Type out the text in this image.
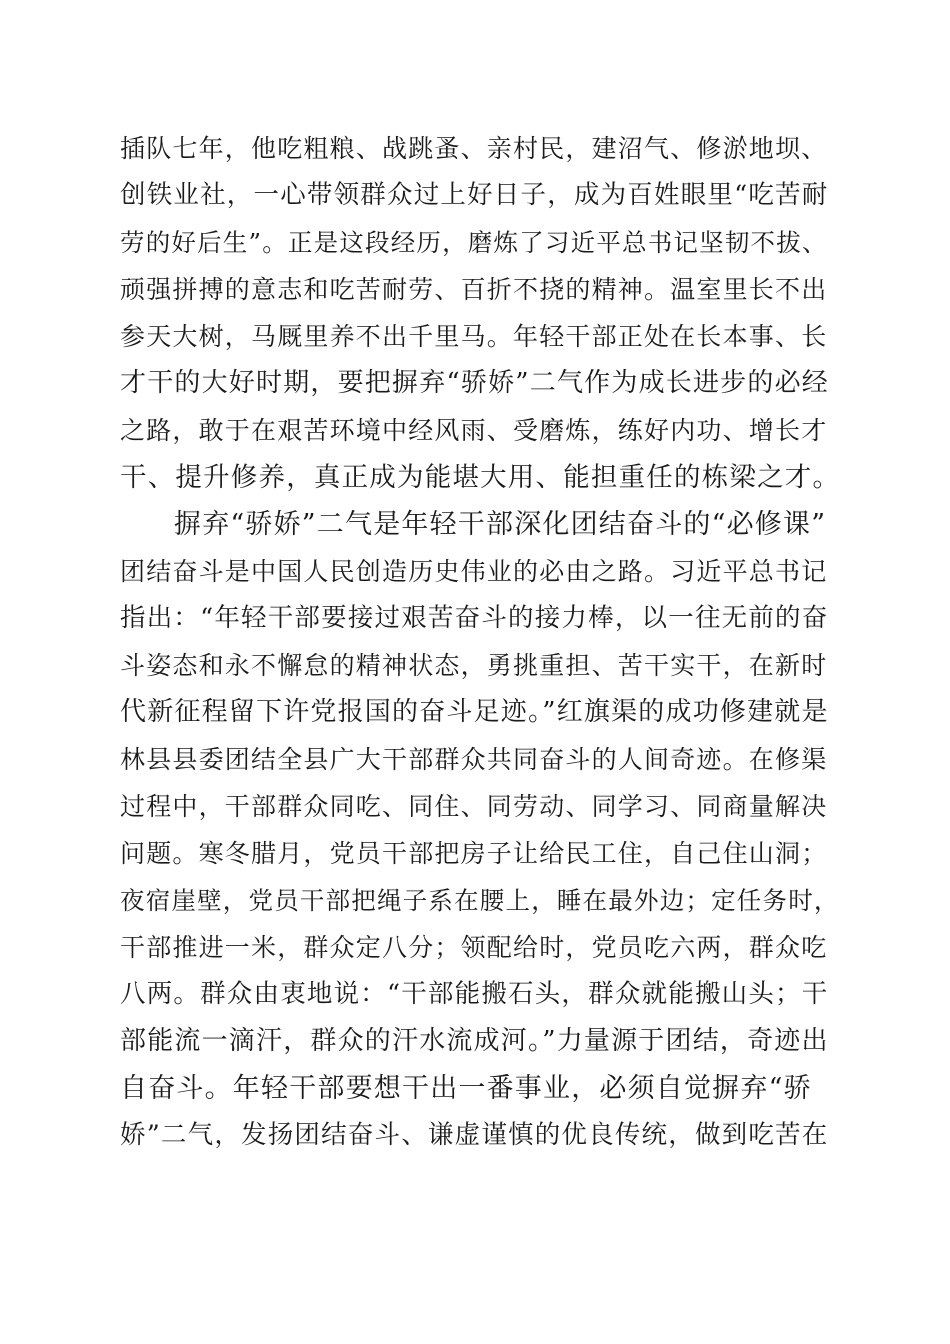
插队七年，他吃粗粮、战跳蚤、亲村民，建沼气、修淤地坝、
创铁业社，一心带领群众过上好日子，成为百姓眼里“吃苦耐
劳的好后生”。正是这段经历，磨炼了习近平总书记坚韧不拔、
顽强拼搏的意志和吃苦耐劳、百折不挠的精神。温室里长不出
参天大树，马厩里养不出千里马。年轻干部正处在长本事、长
才干的大好时期，要把摒弃“骄娇”二气作为成长进步的必经
之路，敢于在艰苦环境中经风雨、受磨炼，练好内功、增长才
干、提升修养，真正成为能堪大用、能担重任的栋梁之才。
摒弃“骄娇”二气是年轻干部深化团结奋斗的“必修课”
团结奋斗是中国人民创造历史伟业的必由之路。习近平总书记
指出：“年轻干部要接过艰苦奋斗的接力棒，以一往无前的奋
斗姿态和永不懈怠的精神状态，勇挑重担、苦干实干，在新时
代新征程留下许党报国的奋斗足迹。”红旗渠的成功修建就是
林县县委团结全县广大干部群众共同奋斗的人间奇迹。在修渠
过程中，干部群众同吃、同住、同劳动、同学习、同商量解决
问题。寒冬腊月，党员干部把房子让给民工住，自己住山洞；
夜宿崖壁，党员干部把绳子系在腰上，睡在最外边；定任务时，
干部推进一米，群众定八分；领配给时，党员吃六两，群众吃
八两。群众由衷地说：“干部能搬石头，群众就能搬山头；干
部能流一滴汗，群众的汗水流成河。”力量源于团结，奇迹出
自奋斗。年轻干部要想干出一番事业，必须自觉摒弃“骄
娇”二气，发扬团结奋斗、谦虚谨慎的优良传统，做到吃苦在
